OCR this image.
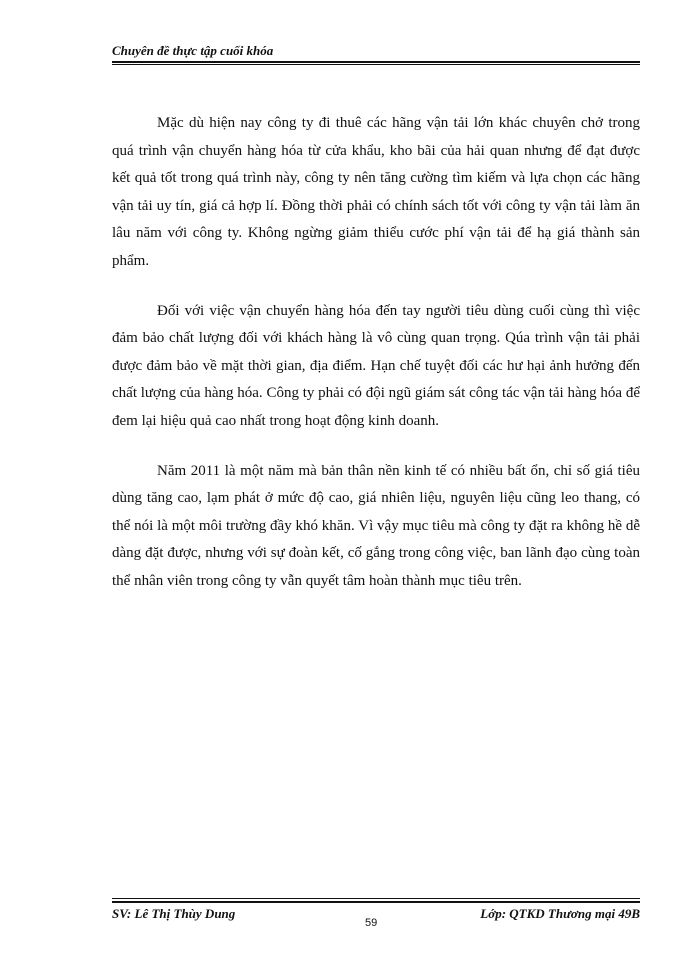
Chuyên đề thực tập cuối khóa

Mặc dù hiện nay công ty đi thuê các hãng vận tải lớn khác chuyên chở trong quá trình vận chuyển hàng hóa từ cửa khẩu, kho bãi của hải quan nhưng để đạt được kết quả tốt trong quá trình này, công ty nên tăng cường tìm kiếm và lựa chọn các hãng vận tải uy tín, giá cả hợp lí. Đồng thời phải có chính sách tốt với công ty vận tải làm ăn lâu năm với công ty. Không ngừng giảm thiểu cước phí vận tải để hạ giá thành sản phẩm.

Đối với việc vận chuyển hàng hóa đến tay người tiêu dùng cuối cùng thì việc đảm bảo chất lượng đối với khách hàng là vô cùng quan trọng. Qúa trình vận tải phải được đảm bảo về mặt thời gian, địa điểm. Hạn chế tuyệt đối các hư hại ảnh hưởng đến chất lượng của hàng hóa. Công ty phải có đội ngũ giám sát công tác vận tải hàng hóa để đem lại hiệu quả cao nhất trong hoạt động kinh doanh.

Năm 2011 là một năm mà bản thân nền kinh tế có nhiều bất ổn, chỉ số giá tiêu dùng tăng cao, lạm phát ở mức độ cao, giá nhiên liệu, nguyên liệu cũng leo thang, có thể nói là một môi trường đầy khó khăn. Vì vậy mục tiêu mà công ty đặt ra không hề dễ dàng đặt được, nhưng với sự đoàn kết, cố gắng trong công việc, ban lãnh đạo cùng toàn thể nhân viên trong công ty vẫn quyết tâm hoàn thành mục tiêu trên.

SV: Lê Thị Thùy Dung
59
Lớp: QTKD Thương mại 49B
